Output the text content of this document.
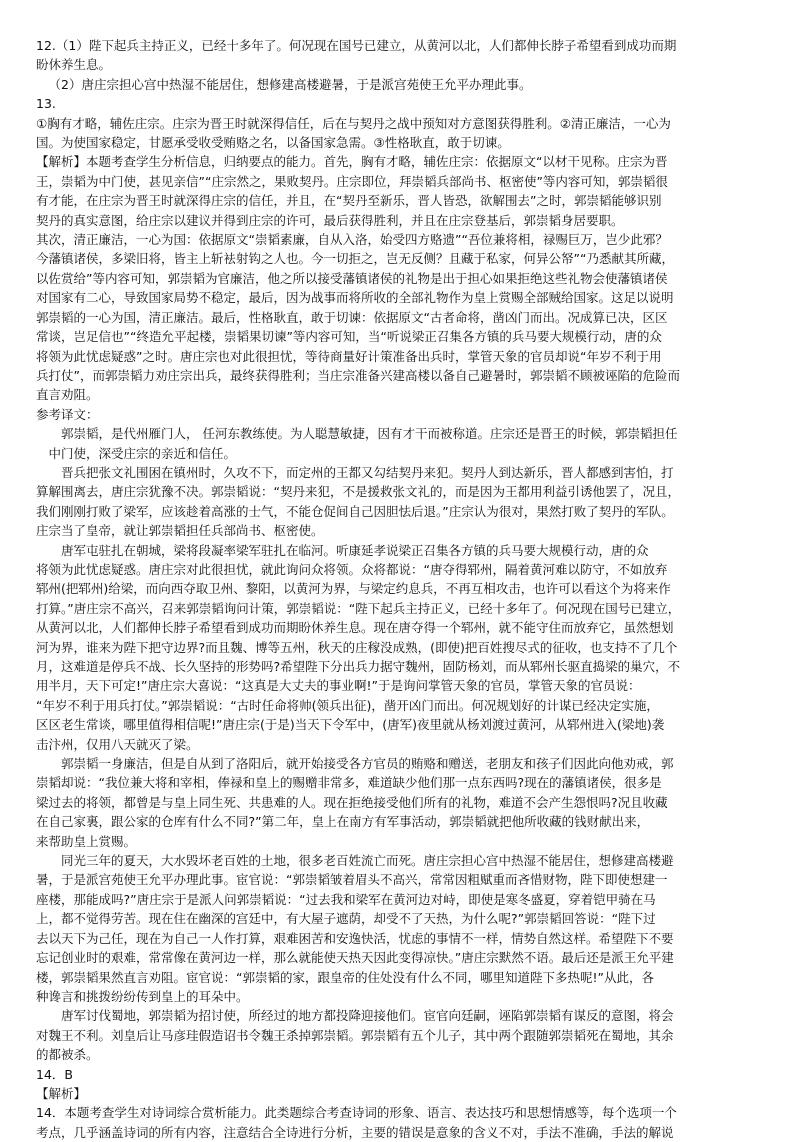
12.（1）陛下起兵主持正义，已经十多年了。何况现在国号已建立，从黄河以北，人们都伸长脖子希望看到成功而期

盼休养生息。

（2）唐庄宗担心宫中热湿不能居住，想修建高楼避暑，于是派宫苑使王允平办理此事。

13.

①胸有才略，辅佐庄宗。庄宗为晋王时就深得信任，后在与契丹之战中预知对方意图获得胜利。②清正廉洁，一心为

国。为使国家稳定，甘愿承受收受贿赂之名，以备国家急需。③性格耿直，敢于切谏。

【解析】本题考查学生分析信息，归纳要点的能力。首先，胸有才略，辅佐庄宗：依据原文“以材干见称。庄宗为晋

王，崇韬为中门使，甚见亲信”“庄宗然之，果败契丹。庄宗即位，拜崇韬兵部尚书、枢密使”等内容可知，郭崇韬很

有才能，在庄宗为晋王时就深得庄宗的信任，并且，在“契丹至新乐，晋人皆恐，欲解围去”之时，郭崇韬能够识别

契丹的真实意图，给庄宗以建议并得到庄宗的许可，最后获得胜利，并且在庄宗登基后，郭崇韬身居要职。

其次，清正廉洁，一心为国：依据原文“崇韬素廉，自从入洛，始受四方赂遗”“吾位兼将相，禄赐巨万，岂少此邪？

今藩镇诸侯，多梁旧将，皆主上斩袪射钩之人也。今一切拒之，岂无反侧？且藏于私家，何异公帑”“乃悉献其所藏，

以佐赏给”等内容可知，郭崇韬为官廉洁，他之所以接受藩镇诸侯的礼物是出于担心如果拒绝这些礼物会使藩镇诸侯

对国家有二心，导致国家局势不稳定，最后，因为战事而将所收的全部礼物作为皇上赏赐全部贼给国家。这足以说明

郭崇韬的一心为国，清正廉洁。最后，性格耿直，敢于切谏：依据原文“古者命将，凿凶门而出。况成算已决，区区

常谈，岂足信也”“终造允平起楼，崇韬果切谏”等内容可知，当“听说梁正召集各方镇的兵马要大规模行动，唐的众

将领为此忧虑疑惑”之时。唐庄宗也对此很担忧，等待商量好计策准备出兵时，掌管天象的官员却说“年岁不利于用

兵打仗”，而郭崇韬力劝庄宗出兵，最终获得胜利；当庄宗准备兴建高楼以备自己避暑时，郭崇韬不顾被诬陷的危险而

直言劝阻。

参考译文：

郭崇韬，是代州雁门人， 任河东教练使。为人聪慧敏捷，因有才干而被称道。庄宗还是晋王的时候，郭崇韬担任

中门使，深受庄宗的亲近和信任。

晋兵把张文礼围困在镇州时，久攻不下，而定州的王都又勾结契丹来犯。契丹人到达新乐，晋人都感到害怕，打

算解围离去，唐庄宗犹豫不决。郭崇韬说：“契丹来犯，不是援救张文礼的，而是因为王都用利益引诱他罢了，况且，

我们刚刚打败了梁军，应该趁着高涨的士气，不能仓促间自己因胆怯后退。”庄宗认为很对，果然打败了契丹的军队。

庄宗当了皇帝，就让郭崇韬担任兵部尚书、枢密使。

唐军屯驻扎在朝城，梁将段凝率梁军驻扎在临河。听康延孝说梁正召集各方镇的兵马要大规模行动，唐的众

将领为此忧虑疑惑。唐庄宗对此很担忧，就此询问众将领。众将都说：“唐夺得郓州，隔着黄河难以防守，不如放弃

郓州(把郓州)给梁，而向西夺取卫州、黎阳，以黄河为界，与梁定约息兵，不再互相攻击，也许可以看这个为将来作

打算。”唐庄宗不高兴，召来郭崇韬询问计策，郭崇韬说：“陛下起兵主持正义，已经十多年了。何况现在国号已建立，

从黄河以北，人们都伸长脖子希望看到成功而期盼休养生息。现在唐夺得一个郓州，就不能守住而放弃它，虽然想划

河为界，谁来为陛下把守边界?而且魏、博等五州，秋天的庄稼没成熟，(即使)把百姓搜尽式的征收，也支持不了几个

月，这难道是停兵不战、长久坚持的形势吗?希望陛下分出兵力据守魏州，固防杨刘，而从郓州长驱直捣梁的巢穴，不

用半月，天下可定!”唐庄宗大喜说：“这真是大丈夫的事业啊!”于是询问掌管天象的官员，掌管天象的官员说：

“年岁不利于用兵打仗。”郭崇韬说：“古时任命将帅(领兵出征)，凿开凶门而出。何况规划好的计谋已经决定实施，

区区老生常谈，哪里值得相信呢!”唐庄宗(于是)当天下令军中，(唐军)夜里就从杨刘渡过黄河，从郓州进入(梁地)袭

击汴州，仅用八天就灭了梁。

郭崇韬一身廉洁，但是自从到了洛阳后，就开始接受各方官员的贿赂和赠送，老朋友和孩子们因此向他劝戒，郭

崇韬却说：“我位兼大将和宰相，俸禄和皇上的赐赠非常多，难道缺少他们那一点东西吗?现在的藩镇诸侯，很多是

梁过去的将领，都曾是与皇上同生死、共患难的人。现在拒绝接受他们所有的礼物，难道不会产生怨恨吗?况且收藏

在自己家裏，跟公家的仓库有什么不同?”第二年，皇上在南方有军事活动，郭崇韬就把他所收藏的钱财献出来，

来帮助皇上赏赐。

同光三年的夏天，大水毁坏老百姓的土地，很多老百姓流亡而死。唐庄宗担心宫中热湿不能居住，想修建高楼避

暑，于是派宫苑使王允平办理此事。宦官说：“郭崇韬皱着眉头不高兴，常常因粗赋重而吝惜财物，陛下即使想建一

座楼，那能成吗?”唐庄宗于是派人问郭崇韬说：“过去我和梁军在黄河边对峙，即使是寒冬盛夏，穿着铠甲骑在马

上，都不觉得劳苦。现在住在幽深的宫廷中，有大屋子遮荫，却受不了天热，为什么呢?”郭崇韬回答说：“陛下过

去以天下为己任，现在为自己一人作打算，艰难困苦和安逸快活，忧虑的事情不一样，情势自然这样。希望陛下不要

忘记创业时的艰难，常常像在黄河边一样，那么就能使天热天因此变得凉快。”唐庄宗默然不语。最后还是派王允平建

楼，郭崇韬果然直言劝阻。宦官说：“郭崇韬的家，跟皇帝的住处没有什么不同，哪里知道陛下多热呢!”从此，各

种谗言和挑拨纷纷传到皇上的耳朵中。

唐军讨伐蜀地，郭崇韬为招讨使，所经过的地方都投降迎接他们。宦官向廷嗣，诬陷郭崇韬有谋反的意图，将会

对魏王不利。刘皇后让马彦珪假造诏书令魏王杀掉郭崇韬。郭崇韬有五个儿子，其中两个跟随郭崇韬死在蜀地，其余

的都被杀。

14．B

【解析】

14．本题考查学生对诗词综合赏析能力。此类题综合考查诗词的形象、语言、表达技巧和思想情感等，每个选项一个

考点，几乎涵盖诗词的所有内容，注意结合全诗进行分析，主要的错误是意象的含义不对，手法不准确，手法的解说
